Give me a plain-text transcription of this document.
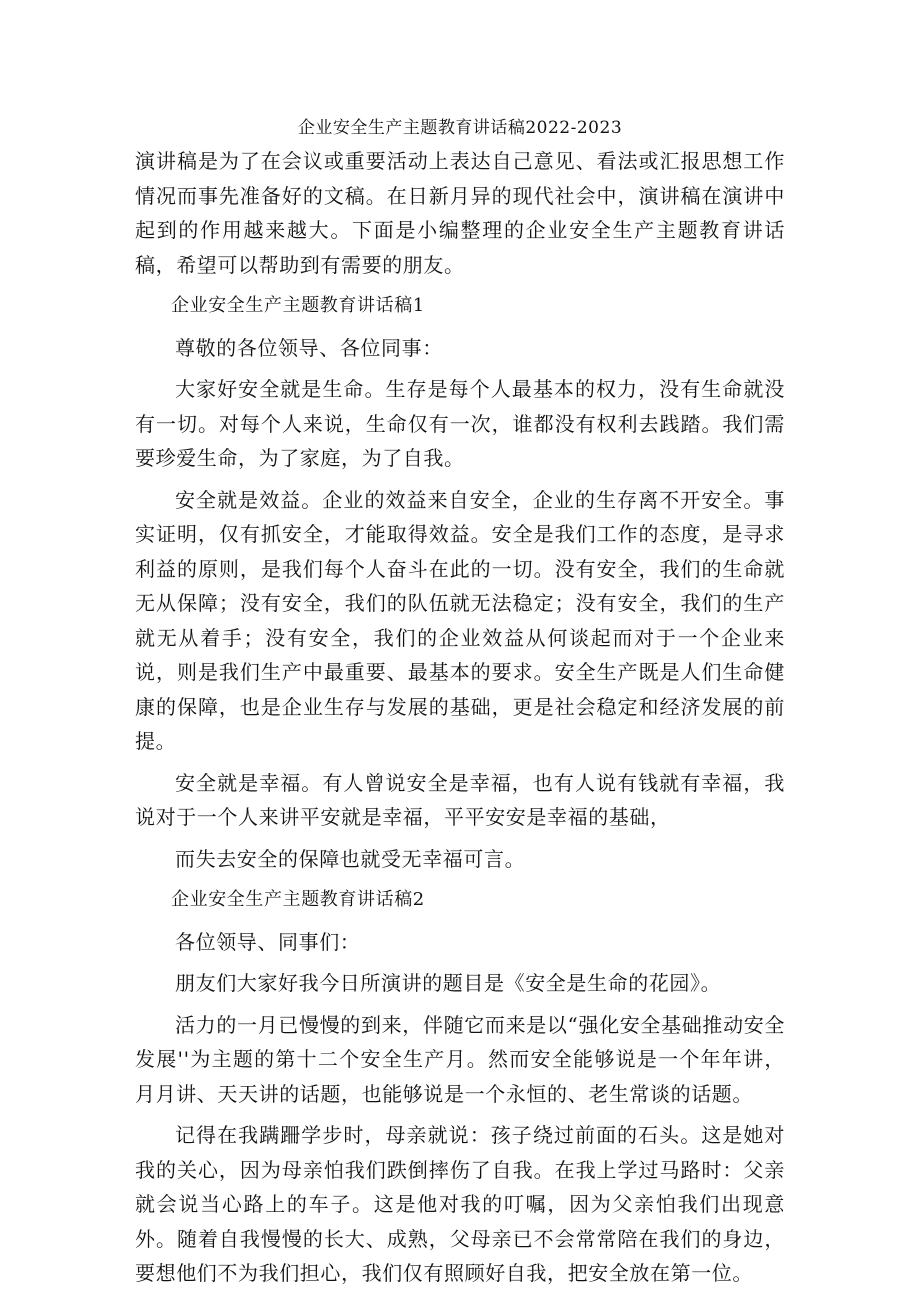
企业安全生产主题教育讲话稿2022-2023

演讲稿是为了在会议或重要活动上表达自己意见、看法或汇报思想工作情况而事先准备好的文稿。在日新月异的现代社会中，演讲稿在演讲中起到的作用越来越大。下面是小编整理的企业安全生产主题教育讲话稿，希望可以帮助到有需要的朋友。

企业安全生产主题教育讲话稿1

尊敬的各位领导、各位同事：

大家好安全就是生命。生存是每个人最基本的权力，没有生命就没有一切。对每个人来说，生命仅有一次，谁都没有权利去践踏。我们需要珍爱生命，为了家庭，为了自我。

安全就是效益。企业的效益来自安全，企业的生存离不开安全。事实证明，仅有抓安全，才能取得效益。安全是我们工作的态度，是寻求利益的原则，是我们每个人奋斗在此的一切。没有安全，我们的生命就无从保障；没有安全，我们的队伍就无法稳定；没有安全，我们的生产就无从着手；没有安全，我们的企业效益从何谈起而对于一个企业来说，则是我们生产中最重要、最基本的要求。安全生产既是人们生命健康的保障，也是企业生存与发展的基础，更是社会稳定和经济发展的前提。

安全就是幸福。有人曾说安全是幸福，也有人说有钱就有幸福，我说对于一个人来讲平安就是幸福，平平安安是幸福的基础，

而失去安全的保障也就受无幸福可言。

企业安全生产主题教育讲话稿2

各位领导、同事们：

朋友们大家好我今日所演讲的题目是《安全是生命的花园》。

活力的一月已慢慢的到来，伴随它而来是以“强化安全基础推动安全发展''为主题的第十二个安全生产月。然而安全能够说是一个年年讲，月月讲、天天讲的话题，也能够说是一个永恒的、老生常谈的话题。

记得在我蹒跚学步时，母亲就说：孩子绕过前面的石头。这是她对我的关心，因为母亲怕我们跌倒摔伤了自我。在我上学过马路时：父亲就会说当心路上的车子。这是他对我的叮嘱，因为父亲怕我们出现意外。随着自我慢慢的长大、成熟，父母亲已不会常常陪在我们的身边，要想他们不为我们担心，我们仅有照顾好自我，把安全放在第一位。
